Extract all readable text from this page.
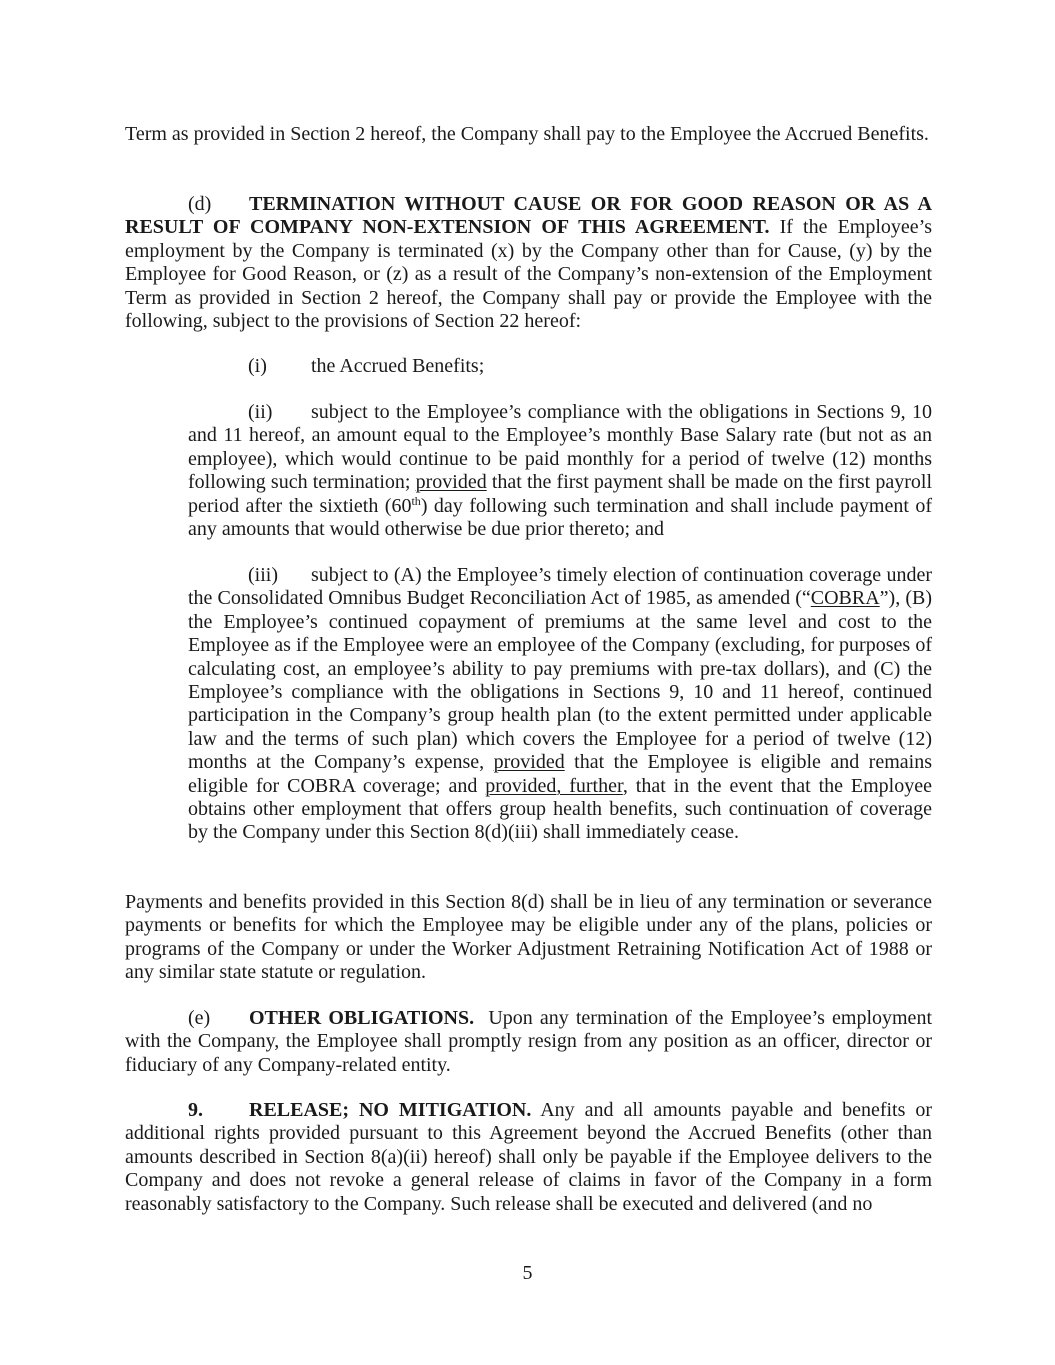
Term as provided in Section 2 hereof, the Company shall pay to the Employee the Accrued Benefits.

(d) TERMINATION WITHOUT CAUSE OR FOR GOOD REASON OR AS A RESULT OF COMPANY NON-EXTENSION OF THIS AGREEMENT. If the Employee’s employment by the Company is terminated (x) by the Company other than for Cause, (y) by the Employee for Good Reason, or (z) as a result of the Company’s non-extension of the Employment Term as provided in Section 2 hereof, the Company shall pay or provide the Employee with the following, subject to the provisions of Section 22 hereof:

(i) the Accrued Benefits;

(ii) subject to the Employee’s compliance with the obligations in Sections 9, 10 and 11 hereof, an amount equal to the Employee’s monthly Base Salary rate (but not as an employee), which would continue to be paid monthly for a period of twelve (12) months following such termination; provided that the first payment shall be made on the first payroll period after the sixtieth (60th) day following such termination and shall include payment of any amounts that would otherwise be due prior thereto; and

(iii) subject to (A) the Employee’s timely election of continuation coverage under the Consolidated Omnibus Budget Reconciliation Act of 1985, as amended (“COBRA”), (B) the Employee’s continued copayment of premiums at the same level and cost to the Employee as if the Employee were an employee of the Company (excluding, for purposes of calculating cost, an employee’s ability to pay premiums with pre-tax dollars), and (C) the Employee’s compliance with the obligations in Sections 9, 10 and 11 hereof, continued participation in the Company’s group health plan (to the extent permitted under applicable law and the terms of such plan) which covers the Employee for a period of twelve (12) months at the Company’s expense, provided that the Employee is eligible and remains eligible for COBRA coverage; and provided, further, that in the event that the Employee obtains other employment that offers group health benefits, such continuation of coverage by the Company under this Section 8(d)(iii) shall immediately cease.

Payments and benefits provided in this Section 8(d) shall be in lieu of any termination or severance payments or benefits for which the Employee may be eligible under any of the plans, policies or programs of the Company or under the Worker Adjustment Retraining Notification Act of 1988 or any similar state statute or regulation.

(e) OTHER OBLIGATIONS. Upon any termination of the Employee’s employment with the Company, the Employee shall promptly resign from any position as an officer, director or fiduciary of any Company-related entity.

9. RELEASE; NO MITIGATION. Any and all amounts payable and benefits or additional rights provided pursuant to this Agreement beyond the Accrued Benefits (other than amounts described in Section 8(a)(ii) hereof) shall only be payable if the Employee delivers to the Company and does not revoke a general release of claims in favor of the Company in a form reasonably satisfactory to the Company. Such release shall be executed and delivered (and no

5
